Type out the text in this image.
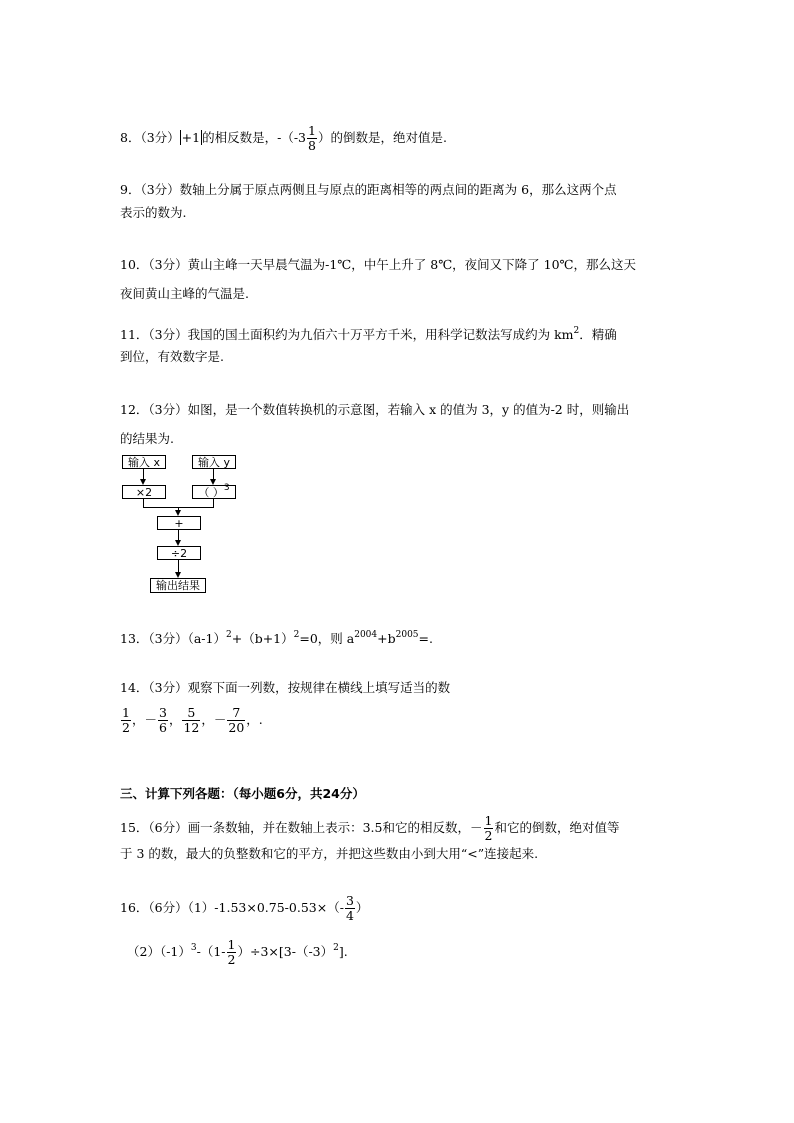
8．（3分） +1 的相反数是，$-(-3 \frac{1}{8}$ ）的倒数是，绝对值是.
9．（3分）数轴上分属于原点两侧且与原点的距离相等的两点间的距离为 6，那么这两个点
表示的数为.
10．（3分）黄山主峰一天早晨气温为-1℃，中午上升了 8℃，夜间又下降了 10℃，那么这天
夜间黄山主峰的气温是.
11．（3分）我国的国土面积约为九佰六十万平方千米，用科学记数法写成约为 $km^2$．精确
到位，有效数字是.
12．（3分）如图，是一个数值转换机的示意图，若输入 x 的值为 3，y 的值为-2 时，则输出
的结果为.
输入 x	输入 y
×2	（ ）$^3$
+
÷2
输出结果
13．（3分）$(a-1)^2+(b+1)^2=0$，则 $a^{2004}+b^{2005}=$.
14．（3分）观察下面一列数，按规律在横线上填写适当的数
$\frac{1}{2}$ ，－ $\frac{3}{6}$ ， $\frac{5}{12}$ ，－ $\frac{7}{20}$ ，.
三、计算下列各题：（每小题6分，共24分）
15．（6分）画一条数轴，并在数轴上表示：3.5和它的相反数，－ $\frac{1}{2}$ 和它的倒数，绝对值等
于 3 的数，最大的负整数和它的平方，并把这些数由小到大用“<”连接起来.
16．（6分）$(1)-1.53\times 0.75-0.53\times(- \frac{3}{4}$ ）
$(2)(-1)^3-(1- \frac{1}{2} )\div 3\times[3-(-3)^2]$.
